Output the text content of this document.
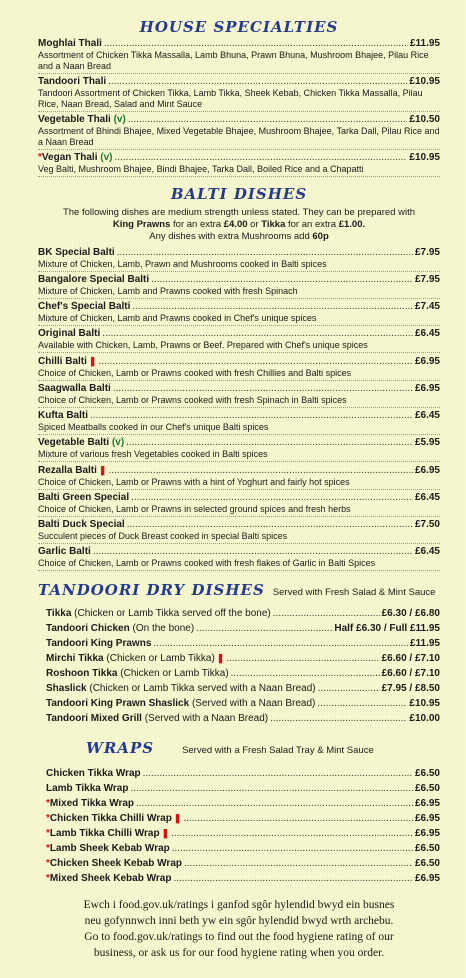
HOUSE SPECIALTIES
Moghlai Thali .....	£11.95
Assortment of Chicken Tikka Massalla, Lamb Bhuna, Prawn Bhuna, Mushroom Bhajee, Pilau Rice and a Naan Bread
Tandoori Thali .....	£10.95
Tandoori Assortment of Chicken Tikka, Lamb Tikka, Sheek Kebab, Chicken Tikka Massalla, Pilau Rice, Naan Bread, Salad and Mint Sauce
Vegetable Thali (v) .....	£10.50
Assortment of Bhindi Bhajee, Mixed Vegetable Bhajee, Mushroom Bhajee, Tarka Dall, Pilau Rice and a Naan Bread
*Vegan Thali (v) .....	£10.95
Veg Balti, Mushroom Bhajee, Bindi Bhajee, Tarka Dall, Boiled Rice and a Chapatti
BALTI DISHES
The following dishes are medium strength unless stated. They can be prepared with
King Prawns for an extra £4.00 or Tikka for an extra £1.00.
Any dishes with extra Mushrooms add 60p
BK Special Balti .....	£7.95
Mixture of Chicken, Lamb, Prawn and Mushrooms cooked in Balti spices
Bangalore Special Balti .....	£7.95
Mixture of Chicken, Lamb and Prawns cooked with fresh Spinach
Chef's Special Balti .....	£7.45
Mixture of Chicken, Lamb and Prawns cooked in Chef's unique spices
Original Balti .....	£6.45
Available with Chicken, Lamb, Prawns or Beef. Prepared with Chef's unique spices
Chilli Balti ❚ .....	£6.95
Choice of Chicken, Lamb or Prawns cooked with fresh Chillies and Balti spices
Saagwalla Balti .....	£6.95
Choice of Chicken, Lamb or Prawns cooked with fresh Spinach in Balti spices
Kufta Balti .....	£6.45
Spiced Meatballs cooked in our Chef's unique Balti spices
Vegetable Balti (v) .....	£5.95
Mixture of various fresh Vegetables cooked in Balti spices
Rezalla Balti ❚ .....	£6.95
Choice of Chicken, Lamb or Prawns with a hint of Yoghurt and fairly hot spices
Balti Green Special .....	£6.45
Choice of Chicken, Lamb or Prawns in selected ground spices and fresh herbs
Balti Duck Special .....	£7.50
Succulent pieces of Duck Breast cooked in special Balti spices
Garlic Balti .....	£6.45
Choice of Chicken, Lamb or Prawns cooked with fresh flakes of Garlic in Balti Spices
TANDOORI DRY DISHES Served with Fresh Salad & Mint Sauce
Tikka (Chicken or Lamb Tikka served off the bone) .....	£6.30 / £6.80
Tandoori Chicken (On the bone) .....	Half £6.30 / Full £11.95
Tandoori King Prawns .....	£11.95
Mirchi Tikka (Chicken or Lamb Tikka) ❚ .....	£6.60 / £7.10
Roshoon Tikka (Chicken or Lamb Tikka) .....	£6.60 / £7.10
Shaslick (Chicken or Lamb Tikka served with a Naan Bread) .....	£7.95 / £8.50
Tandoori King Prawn Shaslick (Served with a Naan Bread) .....	£10.95
Tandoori Mixed Grill (Served with a Naan Bread) .....	£10.00
WRAPS	Served with a Fresh Salad Tray & Mint Sauce
Chicken Tikka Wrap .....	£6.50
Lamb Tikka Wrap .....	£6.50
*Mixed Tikka Wrap .....	£6.95
*Chicken Tikka Chilli Wrap ❚ .....	£6.95
*Lamb Tikka Chilli Wrap ❚ .....	£6.95
*Lamb Sheek Kebab Wrap .....	£6.50
*Chicken Sheek Kebab Wrap .....	£6.50
*Mixed Sheek Kebab Wrap .....	£6.95
Ewch i food.gov.uk/ratings i ganfod sgôr hylendid bwyd ein busnes
neu gofynnwch inni beth yw ein sgôr hylendid bwyd wrth archebu.
Go to food.gov.uk/ratings to find out the food hygiene rating of our
business, or ask us for our food hygiene rating when you order.
